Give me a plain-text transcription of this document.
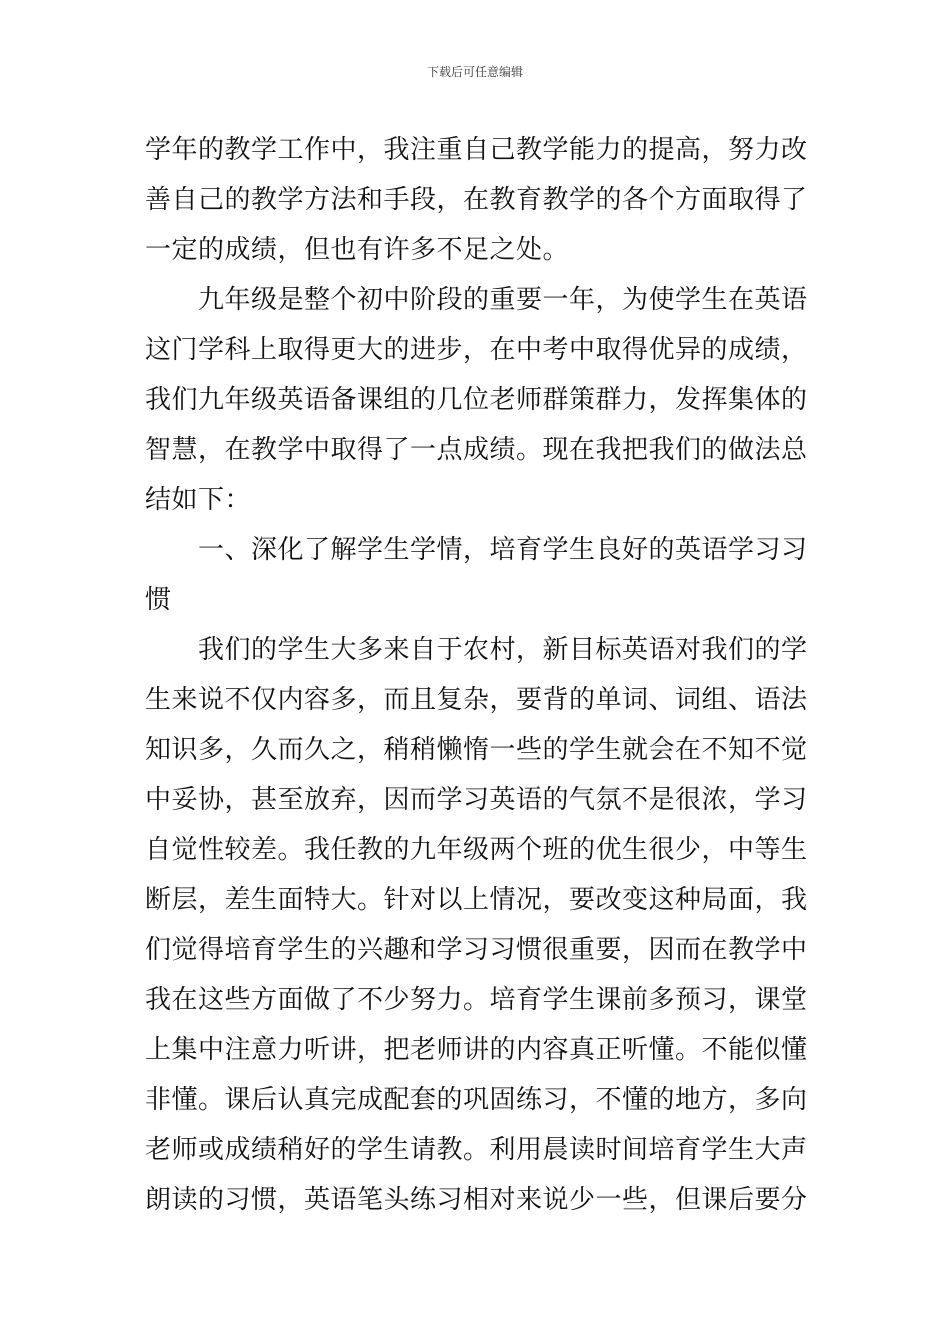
下载后可任意编辑
学年的教学工作中，我注重自己教学能力的提高，努力改
善自己的教学方法和手段，在教育教学的各个方面取得了
一定的成绩，但也有许多不足之处。
　　九年级是整个初中阶段的重要一年，为使学生在英语
这门学科上取得更大的进步，在中考中取得优异的成绩，
我们九年级英语备课组的几位老师群策群力，发挥集体的
智慧，在教学中取得了一点成绩。现在我把我们的做法总
结如下：
　　一、深化了解学生学情，培育学生良好的英语学习习
惯
　　我们的学生大多来自于农村，新目标英语对我们的学
生来说不仅内容多，而且复杂，要背的单词、词组、语法
知识多，久而久之，稍稍懒惰一些的学生就会在不知不觉
中妥协，甚至放弃，因而学习英语的气氛不是很浓，学习
自觉性较差。我任教的九年级两个班的优生很少，中等生
断层，差生面特大。针对以上情况，要改变这种局面，我
们觉得培育学生的兴趣和学习习惯很重要，因而在教学中
我在这些方面做了不少努力。培育学生课前多预习，课堂
上集中注意力听讲，把老师讲的内容真正听懂。不能似懂
非懂。课后认真完成配套的巩固练习，不懂的地方，多向
老师或成绩稍好的学生请教。利用晨读时间培育学生大声
朗读的习惯，英语笔头练习相对来说少一些，但课后要分
